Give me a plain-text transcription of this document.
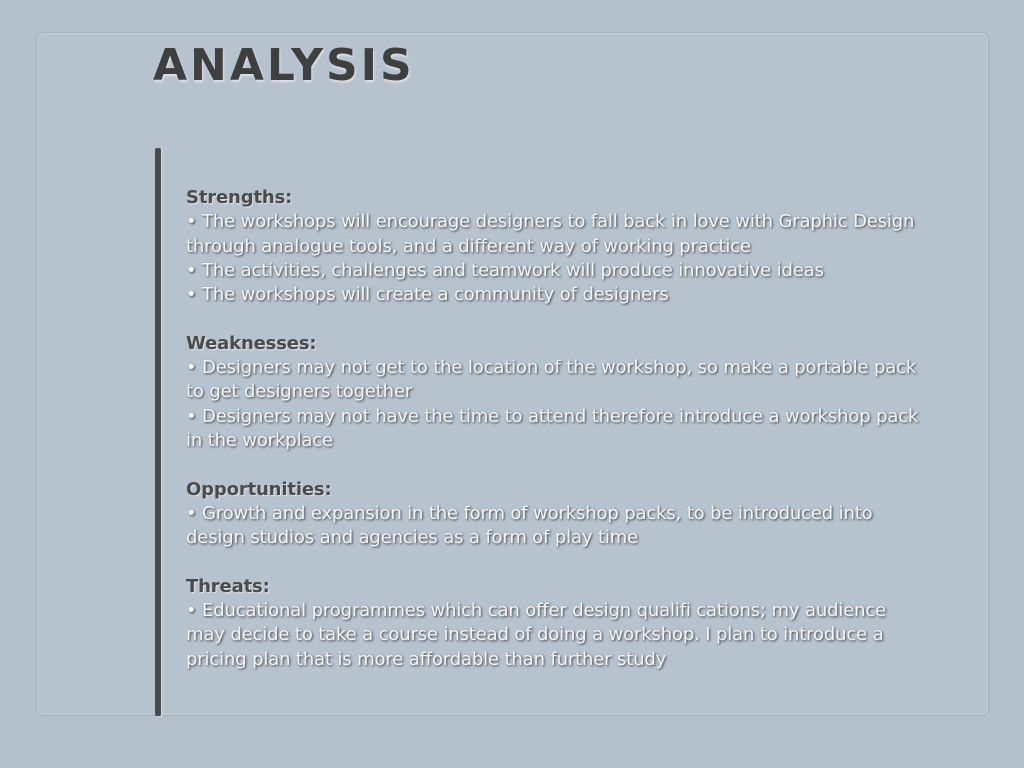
ANALYSIS
Strengths:

• The workshops will encourage designers to fall back in love with Graphic Design through analogue tools, and a different way of working practice

• The activities, challenges and teamwork will produce innovative ideas

• The workshops will create a community of designers

Weaknesses:

• Designers may not get to the location of the workshop, so make a portable pack to get designers together

• Designers may not have the time to attend therefore introduce a workshop pack in the workplace

Opportunities:

• Growth and expansion in the form of workshop packs, to be introduced into design studios and agencies as a form of play time

Threats:

• Educational programmes which can offer design qualifi cations; my audience may decide to take a course instead of doing a workshop. I plan to introduce a pricing plan that is more affordable than further study
